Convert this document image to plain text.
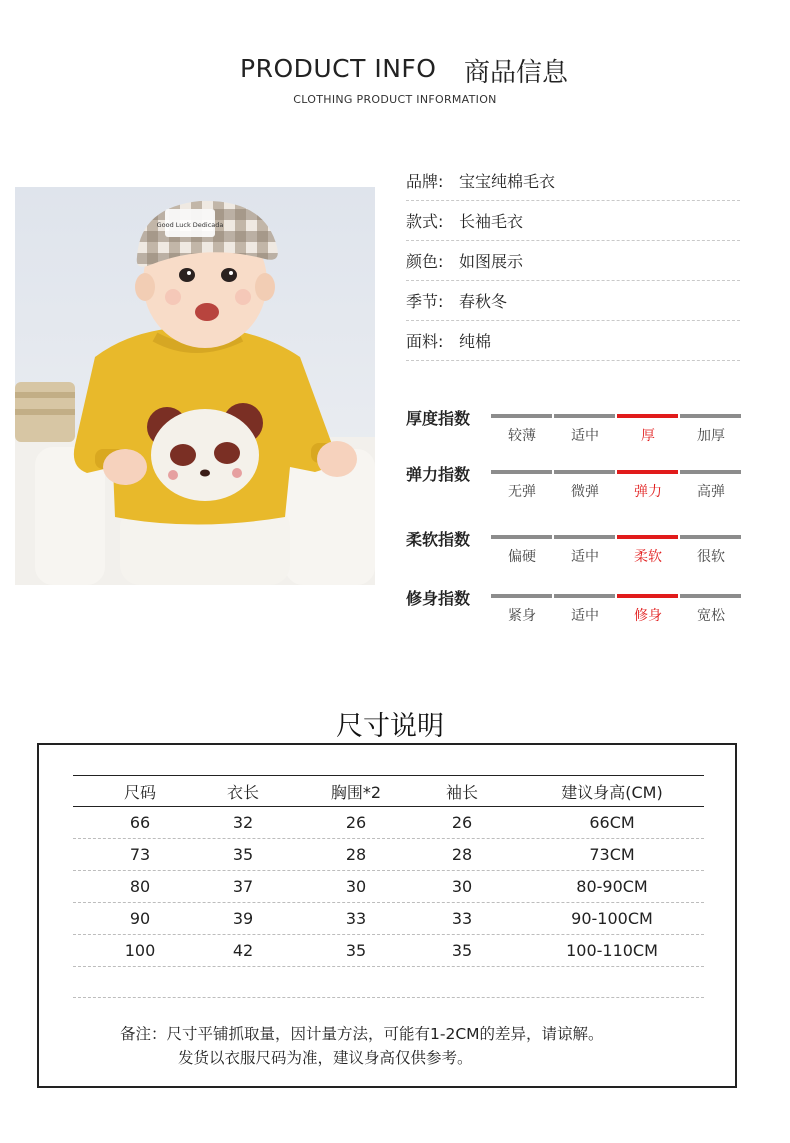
PRODUCT INFO 商品信息
CLOTHING PRODUCT INFORMATION
Good Luck Dedicada
品牌: 宝宝纯棉毛衣
款式: 长袖毛衣
颜色: 如图展示
季节: 春秋冬
面料: 纯棉
厚度指数
较薄	适中	厚	加厚
弹力指数
无弹	微弹	弹力	高弹
柔软指数
偏硬	适中	柔软	很软
修身指数
紧身	适中	修身	宽松
尺寸说明
尺码	衣长	胸围*2	袖长	建议身高(CM)
66	32	26	26	66CM
73	35	28	28	73CM
80	37	30	30	80-90CM
90	39	33	33	90-100CM
100	42	35	35	100-110CM
备注：尺寸平铺抓取量，因计量方法，可能有1-2CM的差异，请谅解。
发货以衣服尺码为准，建议身高仅供参考。
